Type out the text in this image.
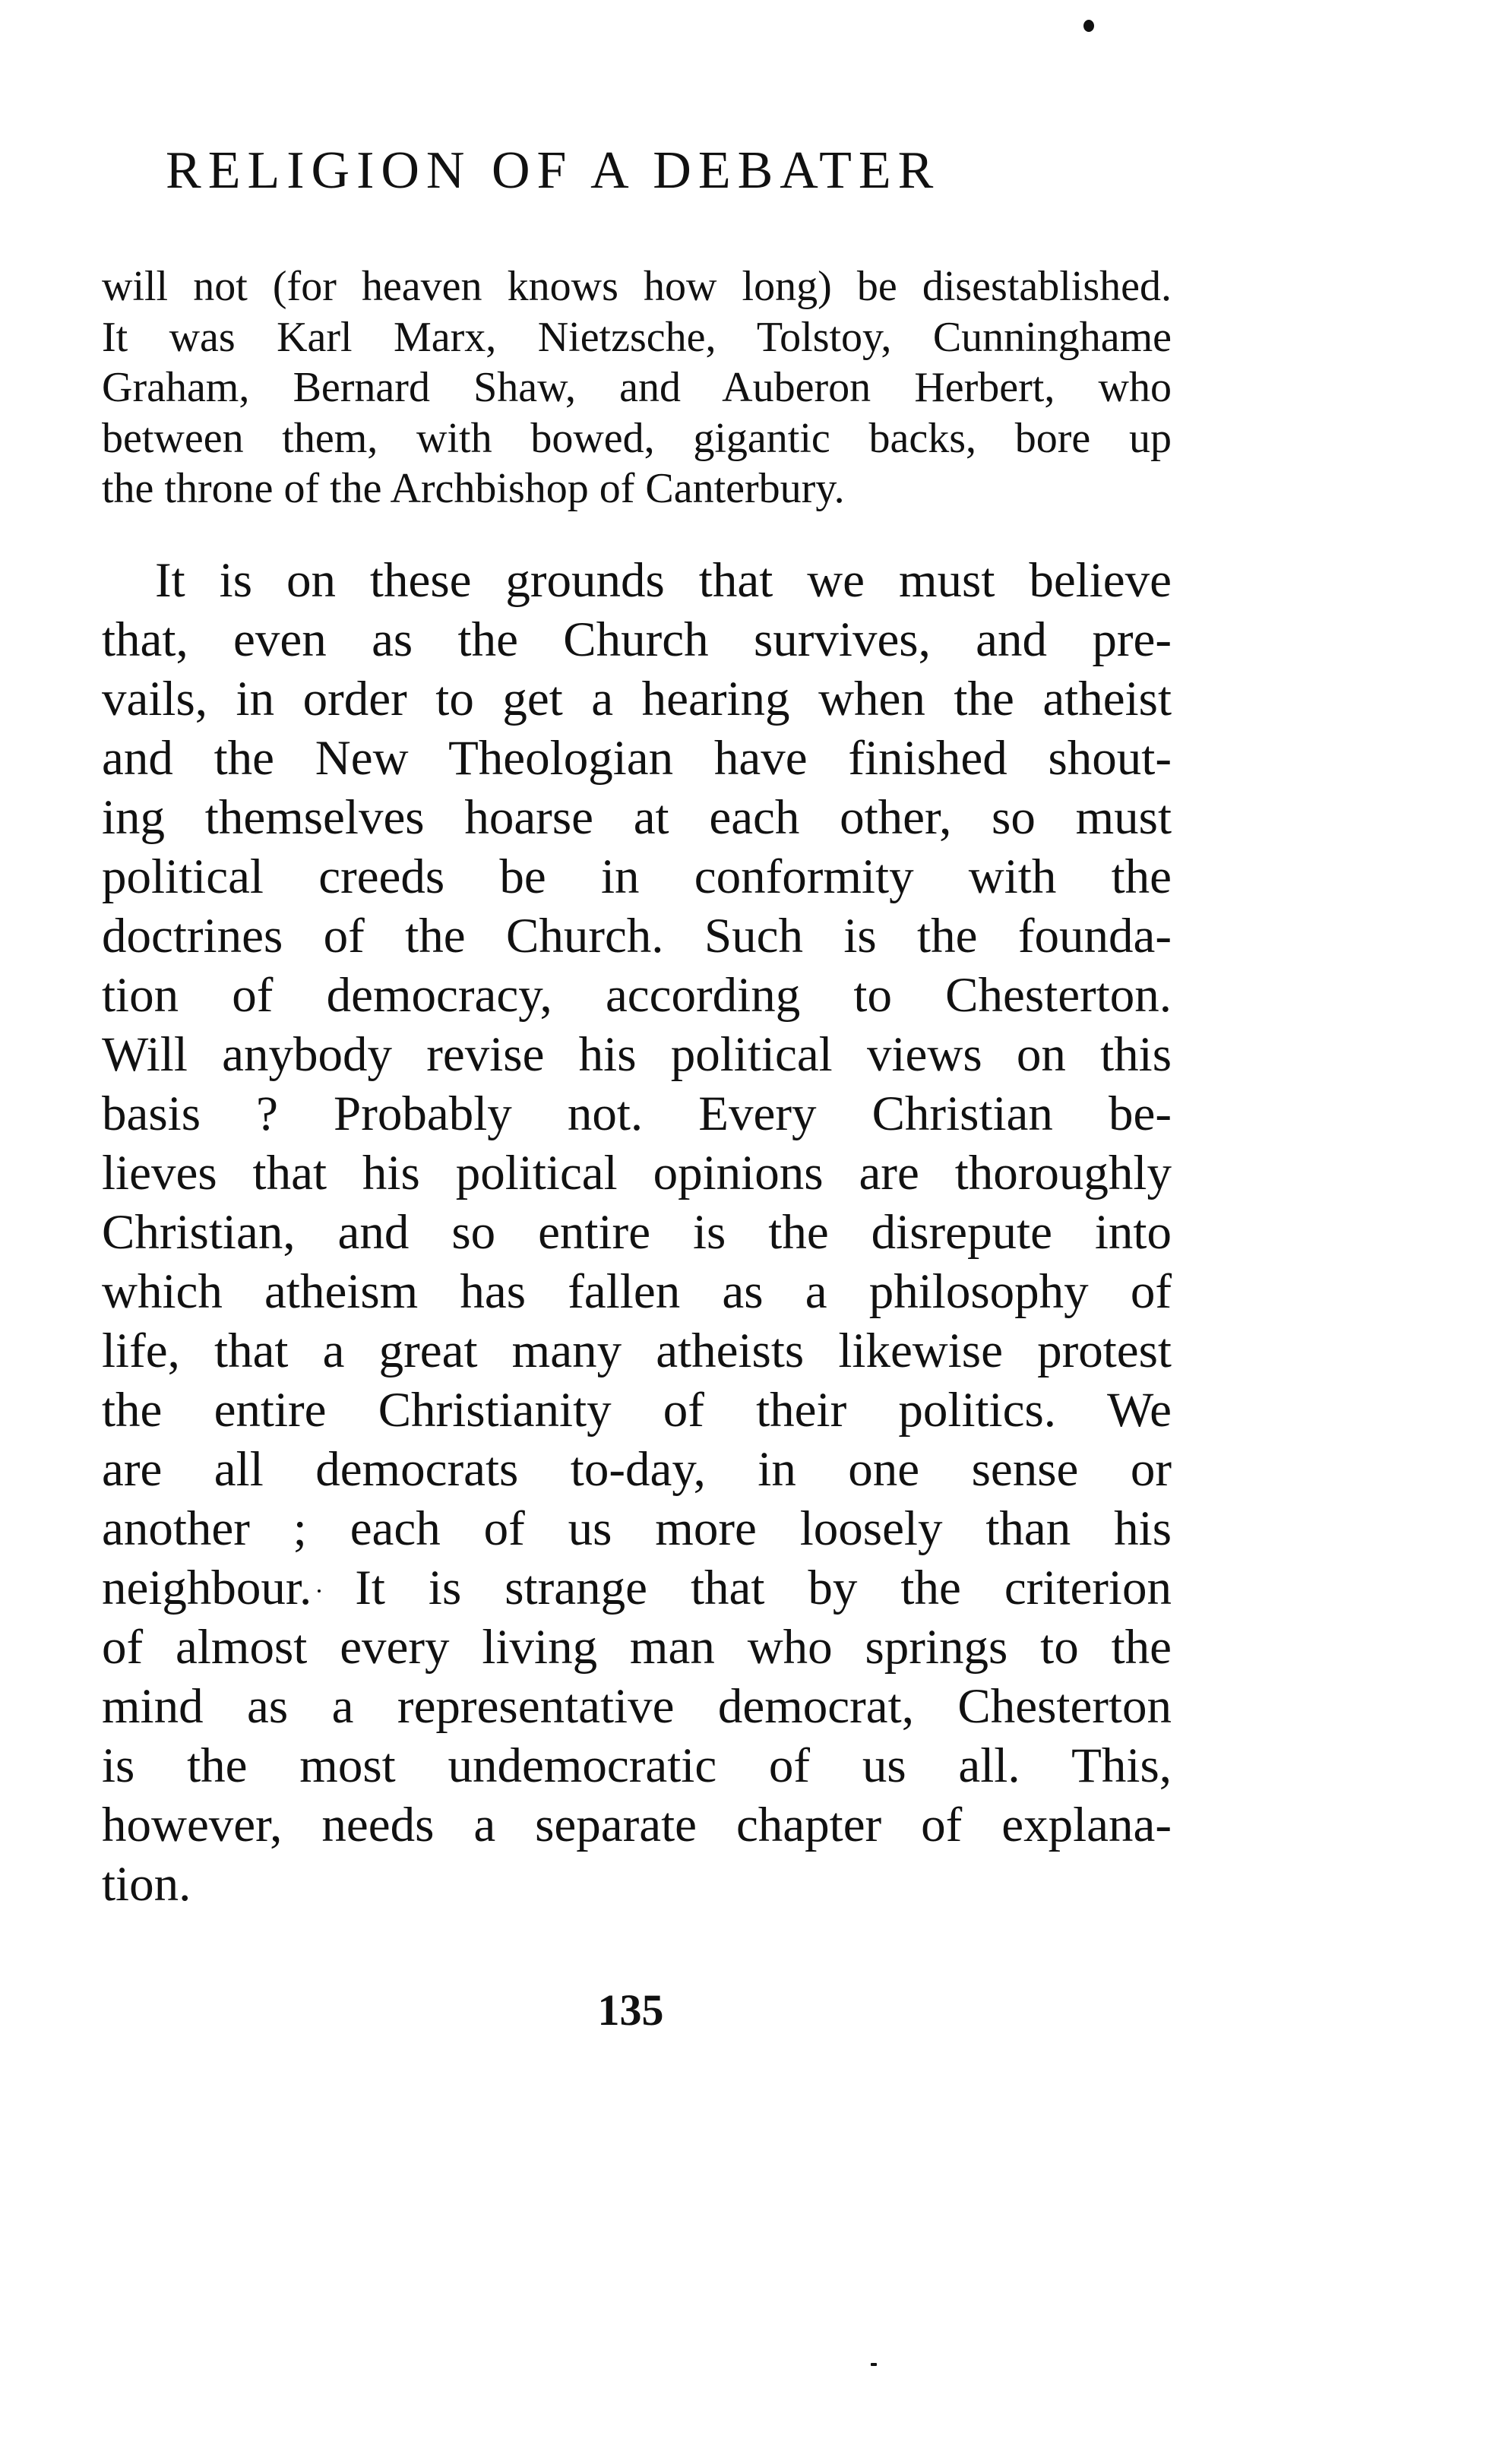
RELIGION OF A DEBATER
will not (for heaven knows how long) be disestablished.
It was Karl Marx, Nietzsche, Tolstoy, Cunninghame
Graham, Bernard Shaw, and Auberon Herbert, who
between them, with bowed, gigantic backs, bore up
the throne of the Archbishop of Canterbury.
It is on these grounds that we must believe
that, even as the Church survives, and pre-
vails, in order to get a hearing when the atheist
and the New Theologian have finished shout-
ing themselves hoarse at each other, so must
political creeds be in conformity with the
doctrines of the Church. Such is the founda-
tion of democracy, according to Chesterton.
Will anybody revise his political views on this
basis ? Probably not. Every Christian be-
lieves that his political opinions are thoroughly
Christian, and so entire is the disrepute into
which atheism has fallen as a philosophy of
life, that a great many atheists likewise protest
the entire Christianity of their politics. We
are all democrats to-day, in one sense or
another ; each of us more loosely than his
neighbour. It is strange that by the criterion
of almost every living man who springs to the
mind as a representative democrat, Chesterton
is the most undemocratic of us all. This,
however, needs a separate chapter of explana-
tion.
135
